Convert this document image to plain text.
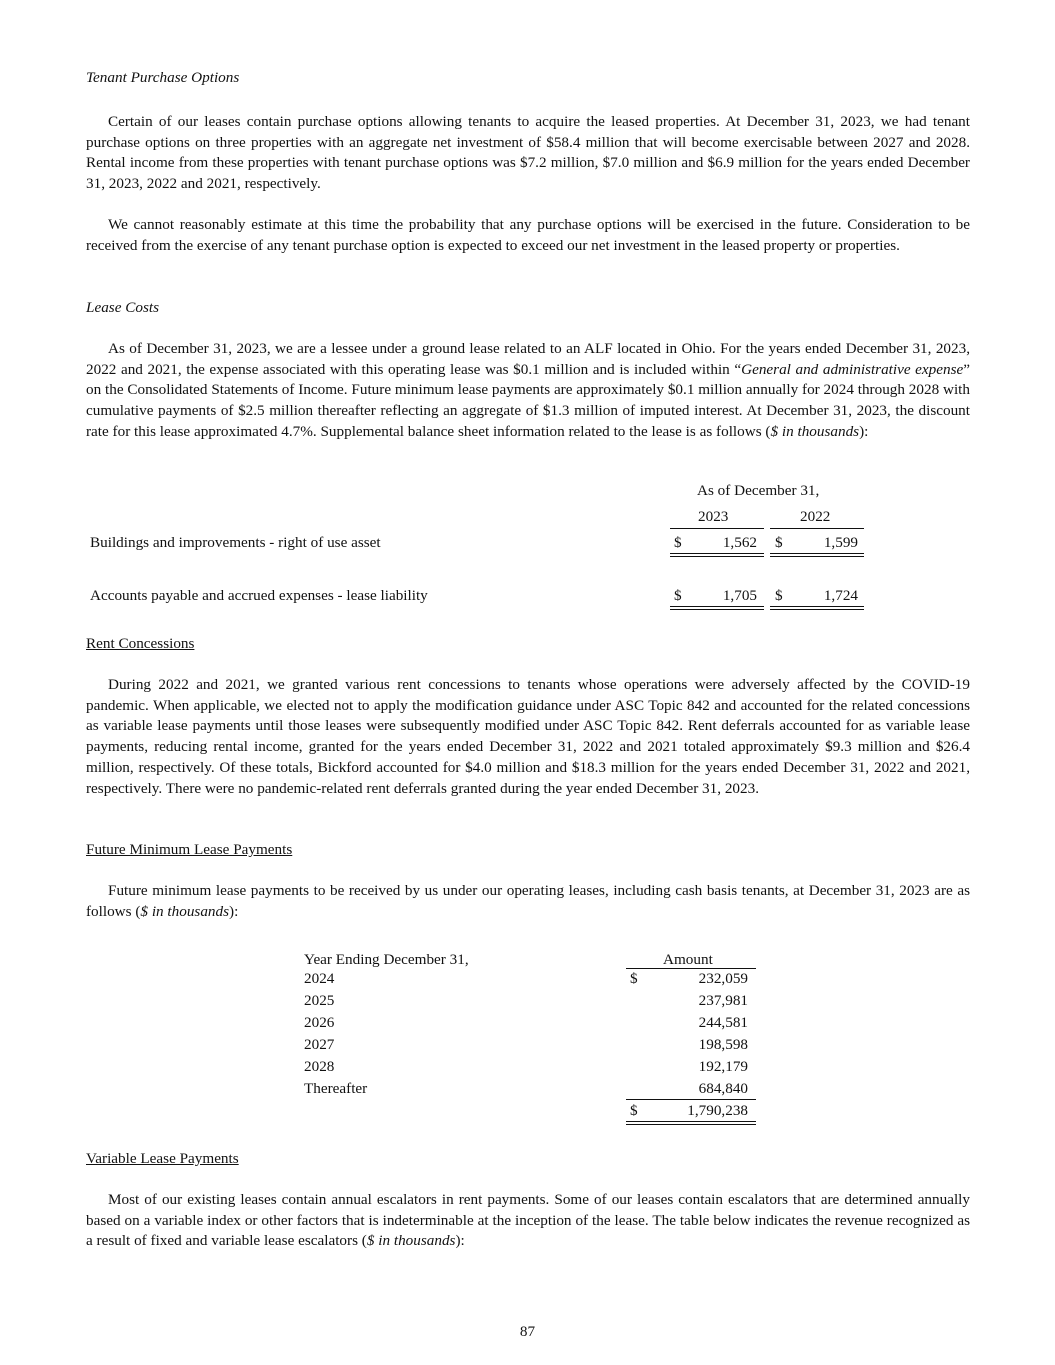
Tenant Purchase Options
Certain of our leases contain purchase options allowing tenants to acquire the leased properties. At December 31, 2023, we had tenant purchase options on three properties with an aggregate net investment of $58.4 million that will become exercisable between 2027 and 2028. Rental income from these properties with tenant purchase options was $7.2 million, $7.0 million and $6.9 million for the years ended December 31, 2023, 2022 and 2021, respectively.
We cannot reasonably estimate at this time the probability that any purchase options will be exercised in the future. Consideration to be received from the exercise of any tenant purchase option is expected to exceed our net investment in the leased property or properties.
Lease Costs
As of December 31, 2023, we are a lessee under a ground lease related to an ALF located in Ohio. For the years ended December 31, 2023, 2022 and 2021, the expense associated with this operating lease was $0.1 million and is included within “General and administrative expense” on the Consolidated Statements of Income. Future minimum lease payments are approximately $0.1 million annually for 2024 through 2028 with cumulative payments of $2.5 million thereafter reflecting an aggregate of $1.3 million of imputed interest. At December 31, 2023, the discount rate for this lease approximated 4.7%. Supplemental balance sheet information related to the lease is as follows ($ in thousands):
As of December 31,
2023	2022
Buildings and improvements - right of use asset	$	1,562 $	1,599
Accounts payable and accrued expenses - lease liability	$	1,705 $	1,724
Rent Concessions
During 2022 and 2021, we granted various rent concessions to tenants whose operations were adversely affected by the COVID-19 pandemic. When applicable, we elected not to apply the modification guidance under ASC Topic 842 and accounted for the related concessions as variable lease payments until those leases were subsequently modified under ASC Topic 842. Rent deferrals accounted for as variable lease payments, reducing rental income, granted for the years ended December 31, 2022 and 2021 totaled approximately $9.3 million and $26.4 million, respectively. Of these totals, Bickford accounted for $4.0 million and $18.3 million for the years ended December 31, 2022 and 2021, respectively. There were no pandemic-related rent deferrals granted during the year ended December 31, 2023.
Future Minimum Lease Payments
Future minimum lease payments to be received by us under our operating leases, including cash basis tenants, at December 31, 2023 are as follows ($ in thousands):
Year Ending December 31,	Amount
2024	$	232,059
2025	237,981
2026	244,581
2027	198,598
2028	192,179
Thereafter	684,840
$	1,790,238
Variable Lease Payments
Most of our existing leases contain annual escalators in rent payments. Some of our leases contain escalators that are determined annually based on a variable index or other factors that is indeterminable at the inception of the lease. The table below indicates the revenue recognized as a result of fixed and variable lease escalators ($ in thousands):
87
